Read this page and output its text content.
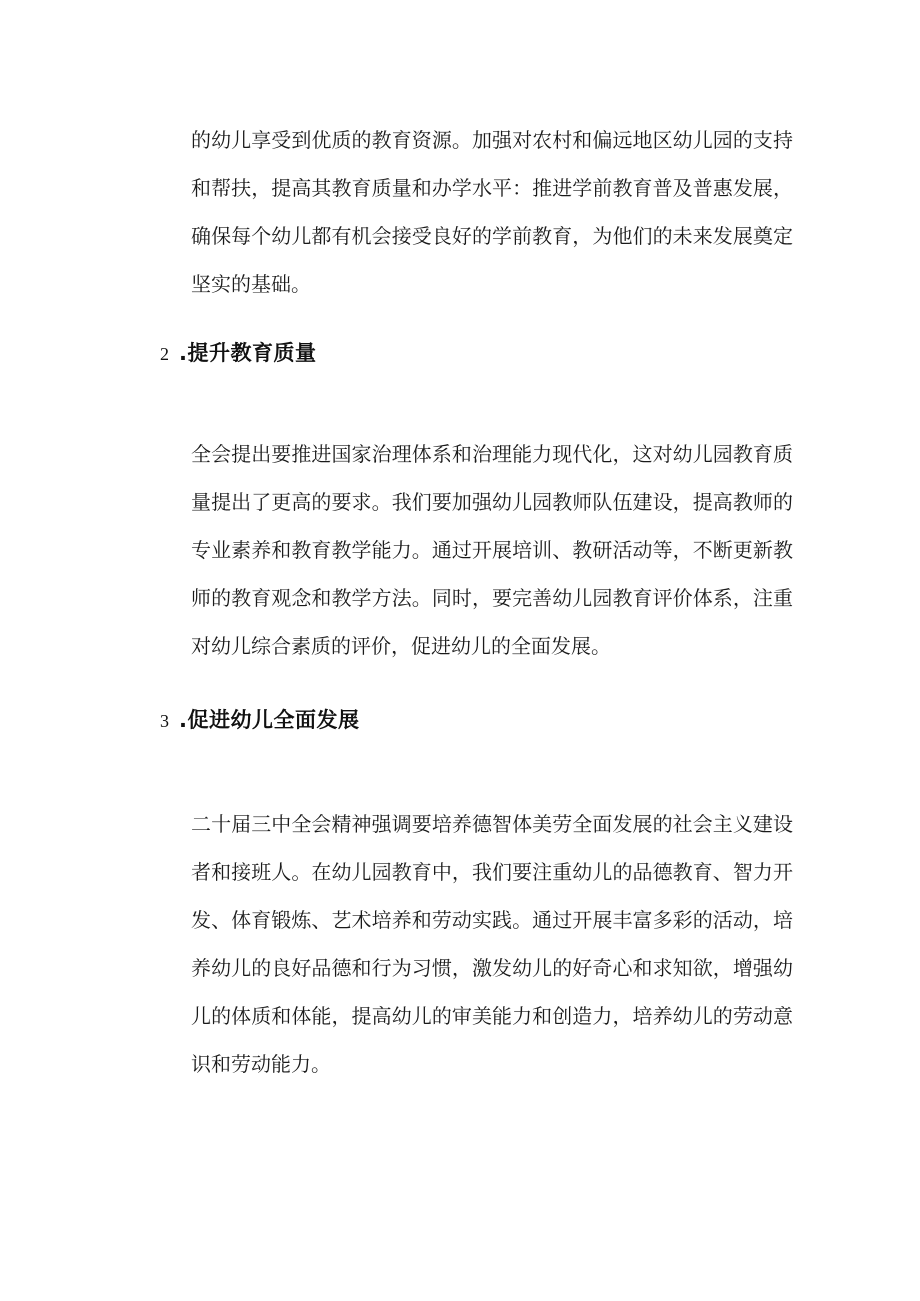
的幼儿享受到优质的教育资源。加强对农村和偏远地区幼儿园的支持和帮扶，提高其教育质量和办学水平：推进学前教育普及普惠发展，确保每个幼儿都有机会接受良好的学前教育，为他们的未来发展奠定坚实的基础。

2 .提升教育质量

全会提出要推进国家治理体系和治理能力现代化，这对幼儿园教育质量提出了更高的要求。我们要加强幼儿园教师队伍建设，提高教师的专业素养和教育教学能力。通过开展培训、教研活动等，不断更新教师的教育观念和教学方法。同时，要完善幼儿园教育评价体系，注重对幼儿综合素质的评价，促进幼儿的全面发展。

3 .促进幼儿全面发展

二十届三中全会精神强调要培养德智体美劳全面发展的社会主义建设者和接班人。在幼儿园教育中，我们要注重幼儿的品德教育、智力开发、体育锻炼、艺术培养和劳动实践。通过开展丰富多彩的活动，培养幼儿的良好品德和行为习惯，激发幼儿的好奇心和求知欲，增强幼儿的体质和体能，提高幼儿的审美能力和创造力，培养幼儿的劳动意识和劳动能力。
